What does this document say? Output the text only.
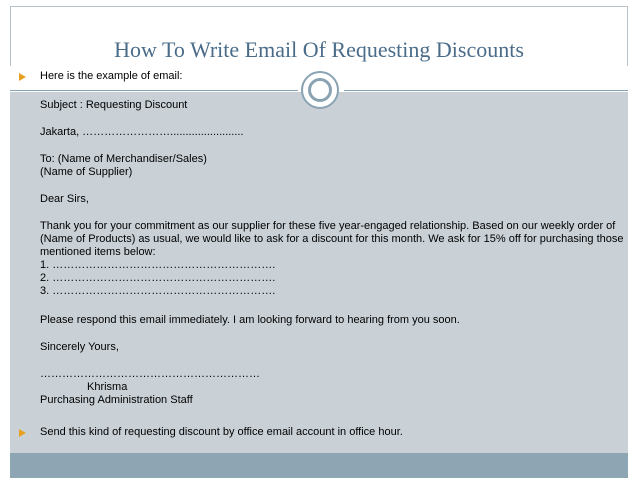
How To Write Email Of Requesting Discounts
Here is the example of email:
Subject : Requesting Discount
Jakarta, ……………………........................
To: (Name of Merchandiser/Sales)
(Name of Supplier)
Dear Sirs,
Thank you for your commitment as our supplier for these five year-engaged relationship. Based on our weekly order of (Name of Products) as usual, we would like to ask for a discount for this month. We ask for 15% off for purchasing those mentioned items below:
1. …………………………………………………….
2. …………………………………………………….
3. …………………………………………………….
Please respond this email immediately. I am looking forward to hearing from you soon.
Sincerely Yours,
……………………………………………………
Khrisma
Purchasing Administration Staff
Send this kind of requesting discount by office email account in office hour.
